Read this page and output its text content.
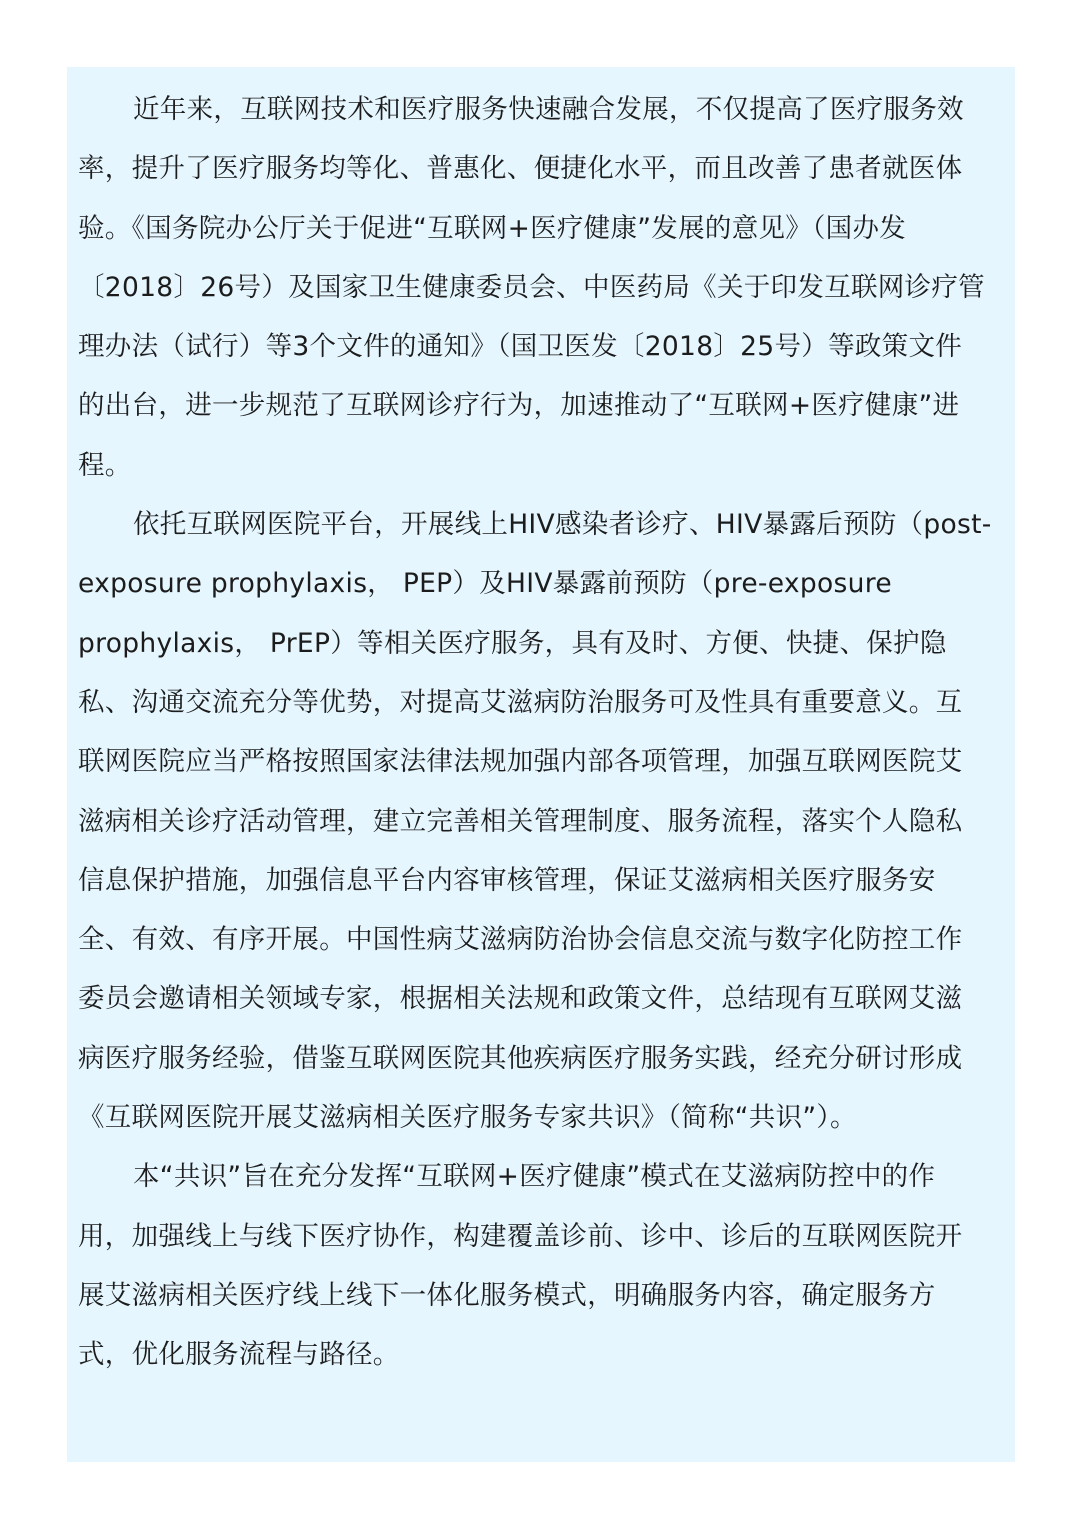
近年来，互联网技术和医疗服务快速融合发展，不仅提高了医疗服务效
率，提升了医疗服务均等化、普惠化、便捷化水平，而且改善了患者就医体
验。《国务院办公厅关于促进“互联网+医疗健康”发展的意见》（国办发
〔2018〕26号）及国家卫生健康委员会、中医药局《关于印发互联网诊疗管
理办法（试行）等3个文件的通知》（国卫医发〔2018〕25号）等政策文件
的出台，进一步规范了互联网诊疗行为，加速推动了“互联网+医疗健康”进
程。
依托互联网医院平台，开展线上HIV感染者诊疗、HIV暴露后预防（post-
exposure prophylaxis， PEP）及HIV暴露前预防（pre-exposure
prophylaxis， PrEP）等相关医疗服务，具有及时、方便、快捷、保护隐
私、沟通交流充分等优势，对提高艾滋病防治服务可及性具有重要意义。互
联网医院应当严格按照国家法律法规加强内部各项管理，加强互联网医院艾
滋病相关诊疗活动管理，建立完善相关管理制度、服务流程，落实个人隐私
信息保护措施，加强信息平台内容审核管理，保证艾滋病相关医疗服务安
全、有效、有序开展。中国性病艾滋病防治协会信息交流与数字化防控工作
委员会邀请相关领域专家，根据相关法规和政策文件，总结现有互联网艾滋
病医疗服务经验，借鉴互联网医院其他疾病医疗服务实践，经充分研讨形成
《互联网医院开展艾滋病相关医疗服务专家共识》（简称“共识”）。
本“共识”旨在充分发挥“互联网+医疗健康”模式在艾滋病防控中的作
用，加强线上与线下医疗协作，构建覆盖诊前、诊中、诊后的互联网医院开
展艾滋病相关医疗线上线下一体化服务模式，明确服务内容，确定服务方
式，优化服务流程与路径。
